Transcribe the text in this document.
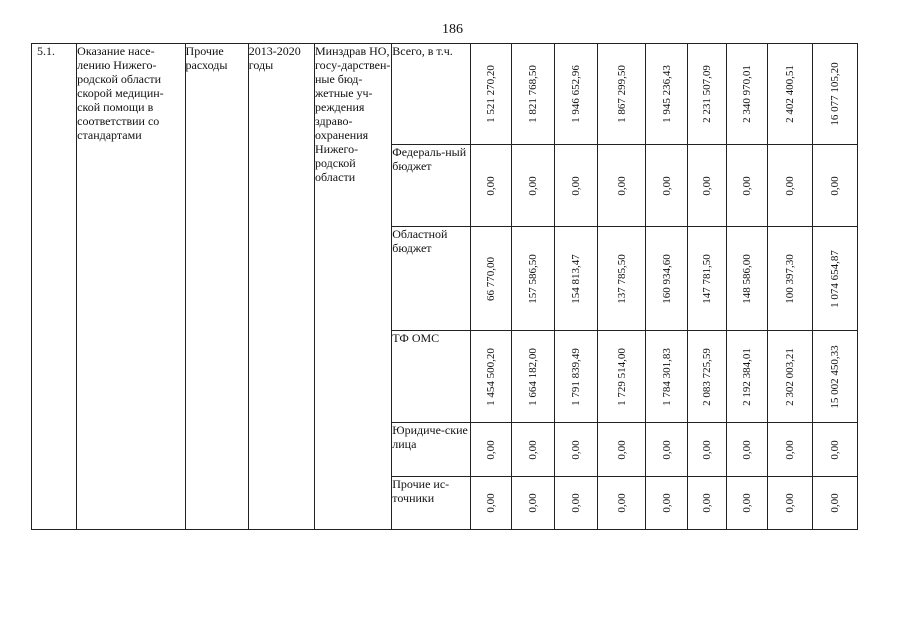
186
5.1.	Оказание насе-лению Нижего-родской области скорой медицин-ской помощи в соответствии со стандартами	Прочие расходы	2013-2020 годы	Минздрав НО, госу-дарствен-ные бюд-жетные уч-реждения здраво-охранения Нижего-родской области	Всего, в т.ч.	1 521 270,20	1 821 768,50	1 946 652,96	1 867 299,50	1 945 236,43	2 231 507,09	2 340 970,01	2 402 400,51	16 077 105,20

					Федераль-ный бюджет	0,00	0,00	0,00	0,00	0,00	0,00	0,00	0,00	0,00

					Областной бюджет	66 770,00	157 586,50	154 813,47	137 785,50	160 934,60	147 781,50	148 586,00	100 397,30	1 074 654,87

					ТФ ОМС	1 454 500,20	1 664 182,00	1 791 839,49	1 729 514,00	1 784 301,83	2 083 725,59	2 192 384,01	2 302 003,21	15 002 450,33

					Юридиче-ские лица	0,00	0,00	0,00	0,00	0,00	0,00	0,00	0,00	0,00

					Прочие ис-точники	0,00	0,00	0,00	0,00	0,00	0,00	0,00	0,00	0,00
